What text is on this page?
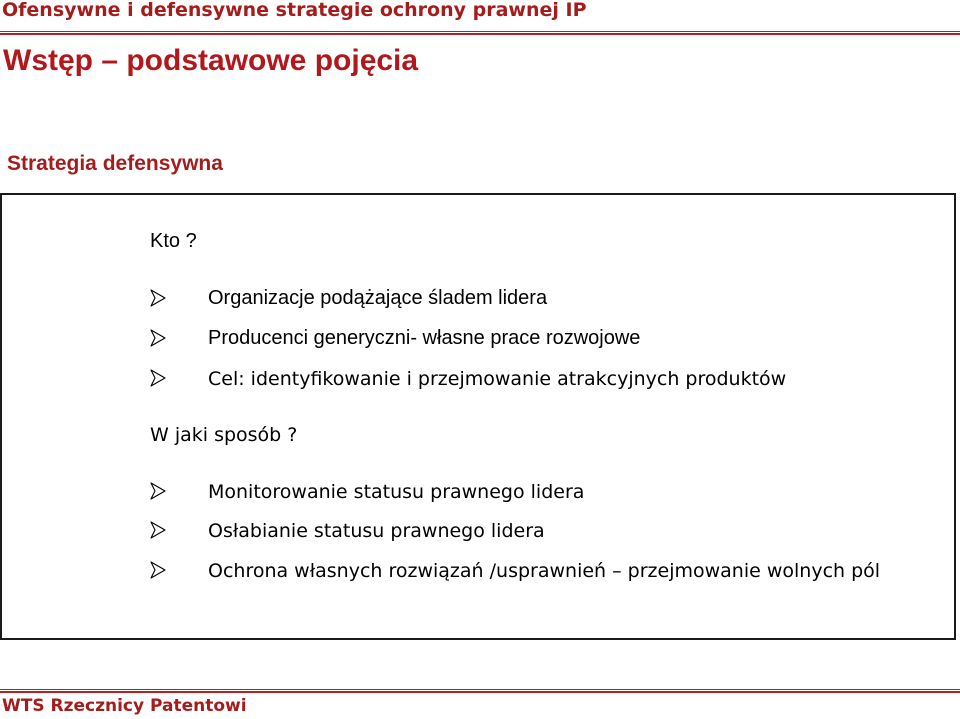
Ofensywne i defensywne strategie ochrony prawnej IP
Wstęp – podstawowe pojęcia
Strategia defensywna
Kto ?
Organizacje podążające śladem lidera
Producenci generyczni- własne prace rozwojowe
Cel: identyfikowanie i przejmowanie atrakcyjnych produktów
W jaki sposób ?
Monitorowanie statusu prawnego lidera
Osłabianie statusu prawnego lidera
Ochrona własnych rozwiązań /usprawnień – przejmowanie wolnych pól
WTS Rzecznicy Patentowi
